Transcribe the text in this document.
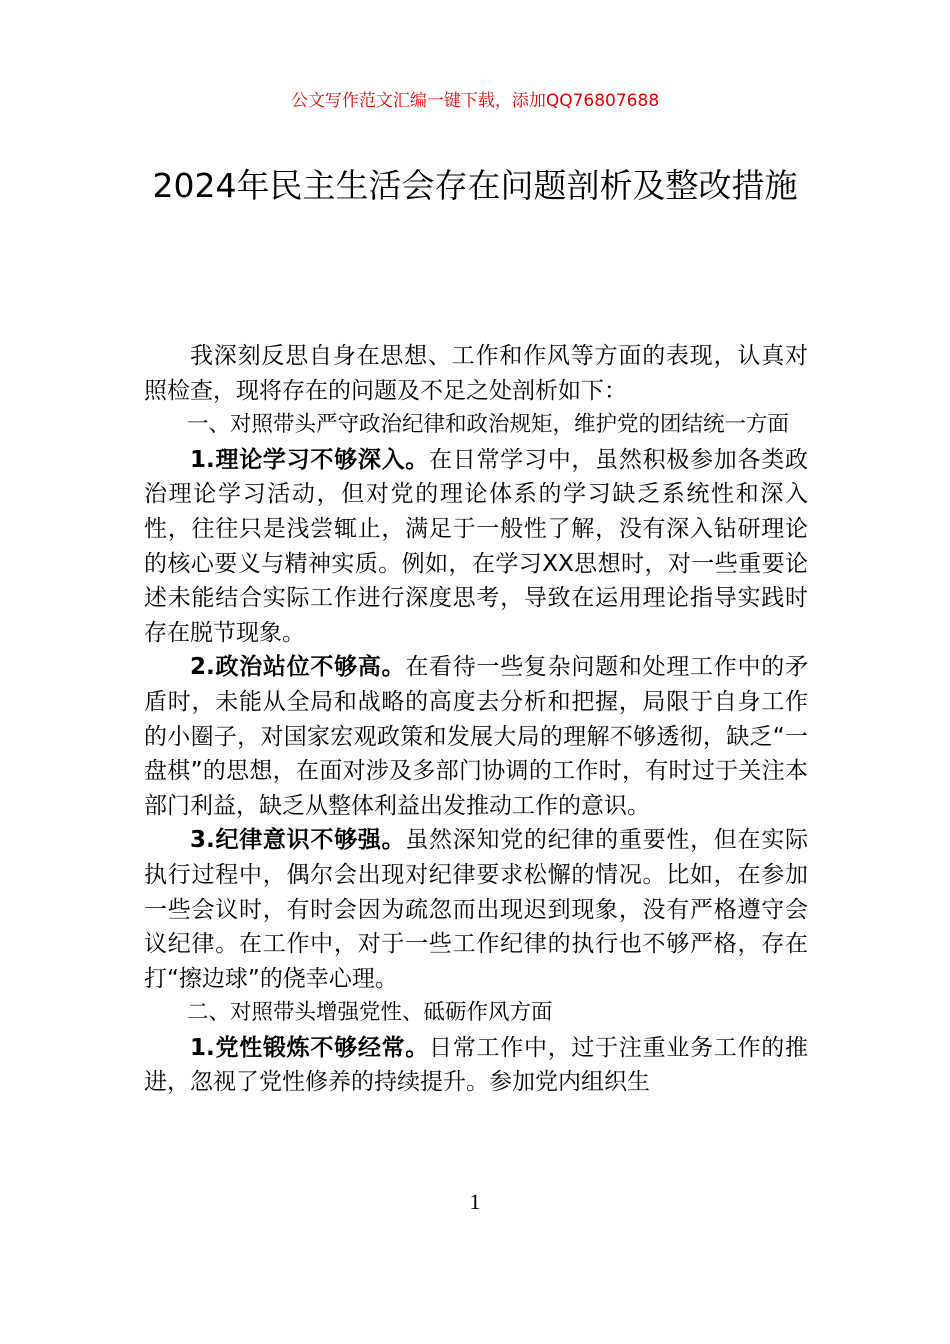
公文写作范文汇编一键下载，添加QQ76807688
2024年民主生活会存在问题剖析及整改措施

我深刻反思自身在思想、工作和作风等方面的表现，认真对照检查，现将存在的问题及不足之处剖析如下：

一、对照带头严守政治纪律和政治规矩，维护党的团结统一方面

1.理论学习不够深入。在日常学习中，虽然积极参加各类政治理论学习活动，但对党的理论体系的学习缺乏系统性和深入性，往往只是浅尝辄止，满足于一般性了解，没有深入钻研理论的核心要义与精神实质。例如，在学习XX思想时，对一些重要论述未能结合实际工作进行深度思考，导致在运用理论指导实践时存在脱节现象。

2.政治站位不够高。在看待一些复杂问题和处理工作中的矛盾时，未能从全局和战略的高度去分析和把握，局限于自身工作的小圈子，对国家宏观政策和发展大局的理解不够透彻，缺乏“一盘棋”的思想，在面对涉及多部门协调的工作时，有时过于关注本部门利益，缺乏从整体利益出发推动工作的意识。

3.纪律意识不够强。虽然深知党的纪律的重要性，但在实际执行过程中，偶尔会出现对纪律要求松懈的情况。比如，在参加一些会议时，有时会因为疏忽而出现迟到现象，没有严格遵守会议纪律。在工作中，对于一些工作纪律的执行也不够严格，存在打“擦边球”的侥幸心理。

二、对照带头增强党性、砥砺作风方面

1.党性锻炼不够经常。日常工作中，过于注重业务工作的推进，忽视了党性修养的持续提升。参加党内组织生

1
